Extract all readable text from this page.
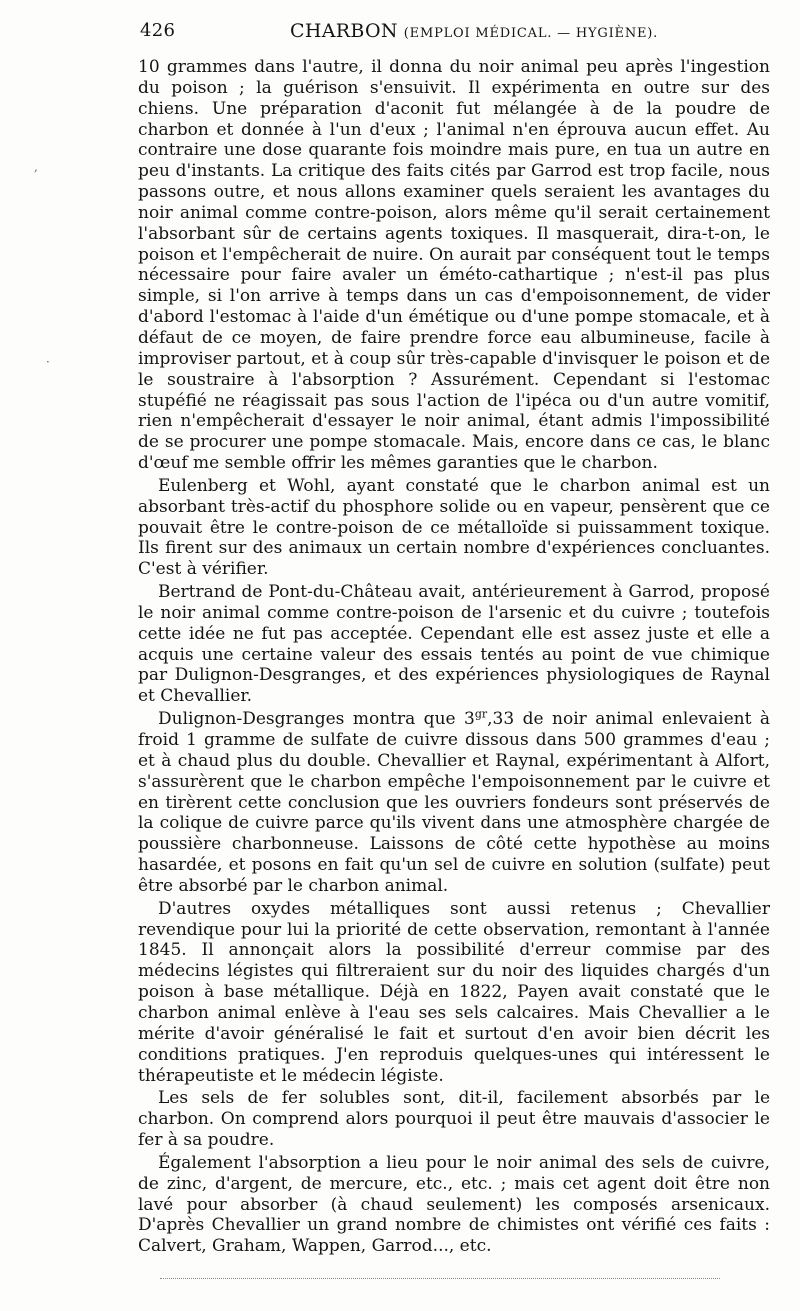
426	CHARBON (EMPLOI MÉDICAL. — HYGIÈNE).

10 grammes dans l'autre, il donna du noir animal peu après l'ingestion du poison ; la guérison s'ensuivit. Il expérimenta en outre sur des chiens. Une préparation d'aconit fut mélangée à de la poudre de charbon et donnée à l'un d'eux ; l'animal n'en éprouva aucun effet. Au contraire une dose quarante fois moindre mais pure, en tua un autre en peu d'instants. La critique des faits cités par Garrod est trop facile, nous passons outre, et nous allons examiner quels seraient les avantages du noir animal comme contre-poison, alors même qu'il serait certainement l'absorbant sûr de certains agents toxiques. Il masquerait, dira-t-on, le poison et l'empêcherait de nuire. On aurait par conséquent tout le temps nécessaire pour faire avaler un éméto-cathartique ; n'est-il pas plus simple, si l'on arrive à temps dans un cas d'empoisonnement, de vider d'abord l'estomac à l'aide d'un émétique ou d'une pompe stomacale, et à défaut de ce moyen, de faire prendre force eau albumineuse, facile à improviser partout, et à coup sûr très-capable d'invisquer le poison et de le soustraire à l'absorption ? Assurément. Cependant si l'estomac stupéfié ne réagissait pas sous l'action de l'ipéca ou d'un autre vomitif, rien n'empêcherait d'essayer le noir animal, étant admis l'impossibilité de se procurer une pompe stomacale. Mais, encore dans ce cas, le blanc d'œuf me semble offrir les mêmes garanties que le charbon.

Eulenberg et Wohl, ayant constaté que le charbon animal est un absorbant très-actif du phosphore solide ou en vapeur, pensèrent que ce pouvait être le contre-poison de ce métalloïde si puissamment toxique. Ils firent sur des animaux un certain nombre d'expériences concluantes. C'est à vérifier.

Bertrand de Pont-du-Château avait, antérieurement à Garrod, proposé le noir animal comme contre-poison de l'arsenic et du cuivre ; toutefois cette idée ne fut pas acceptée. Cependant elle est assez juste et elle a acquis une certaine valeur des essais tentés au point de vue chimique par Dulignon-Desgranges, et des expériences physiologiques de Raynal et Chevallier.

Dulignon-Desgranges montra que $3^{gr},33$ de noir animal enlevaient à froid 1 gramme de sulfate de cuivre dissous dans 500 grammes d'eau ; et à chaud plus du double. Chevallier et Raynal, expérimentant à Alfort, s'assurèrent que le charbon empêche l'empoisonnement par le cuivre et en tirèrent cette conclusion que les ouvriers fondeurs sont préservés de la colique de cuivre parce qu'ils vivent dans une atmosphère chargée de poussière charbonneuse. Laissons de côté cette hypothèse au moins hasardée, et posons en fait qu'un sel de cuivre en solution (sulfate) peut être absorbé par le charbon animal.

D'autres oxydes métalliques sont aussi retenus ; Chevallier revendique pour lui la priorité de cette observation, remontant à l'année 1845. Il annonçait alors la possibilité d'erreur commise par des médecins légistes qui filtreraient sur du noir des liquides chargés d'un poison à base métallique. Déjà en 1822, Payen avait constaté que le charbon animal enlève à l'eau ses sels calcaires. Mais Chevallier a le mérite d'avoir généralisé le fait et surtout d'en avoir bien décrit les conditions pratiques. J'en reproduis quelques-unes qui intéressent le thérapeutiste et le médecin légiste.

Les sels de fer solubles sont, dit-il, facilement absorbés par le charbon. On comprend alors pourquoi il peut être mauvais d'associer le fer à sa poudre.

Également l'absorption a lieu pour le noir animal des sels de cuivre, de zinc, d'argent, de mercure, etc., etc. ; mais cet agent doit être non lavé pour absorber (à chaud seulement) les composés arsenicaux. D'après Chevallier un grand nombre de chimistes ont vérifié ces faits : Calvert, Graham, Wappen, Garrod..., etc.

,
·
